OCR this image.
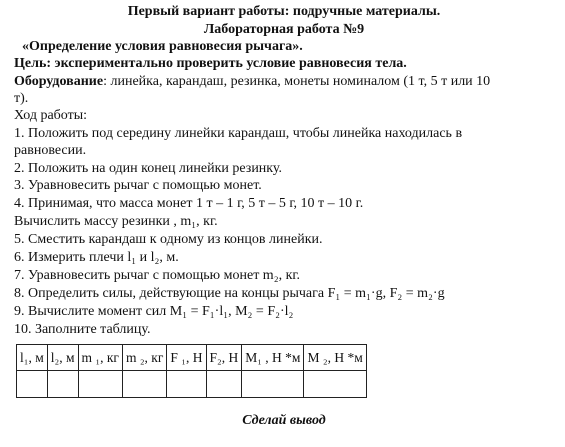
Первый вариант работы: подручные материалы.
Лабораторная работа №9
«Определение условия равновесия рычага».
Цель: экспериментально проверить условие равновесия тела.
Оборудование: линейка, карандаш, резинка, монеты номиналом (1 т, 5 т или 10
т).
Ход работы:
1. Положить под середину линейки карандаш, чтобы линейка находилась в
равновесии.
2. Положить на один конец линейки резинку.
3. Уравновесить рычаг с помощью монет.
4. Принимая, что масса монет 1 т – 1 г, 5 т – 5 г, 10 т – 10 г.
Вычислить массу резинки , m₁, кг.
5. Сместить карандаш к одному из концов линейки.
6. Измерить плечи l₁ и l₂, м.
7. Уравновесить рычаг с помощью монет m₂, кг.
8. Определить силы, действующие на концы рычага F₁ = m₁·g, F₂ = m₂·g
9. Вычислите момент сил M₁ = F₁·l₁, M₂ = F₂·l₂
10. Заполните таблицу.
l₁, м	l₂, м	m ₁, кг	m ₂, кг	F ₁, Н	F₂, Н	M₁ , Н *м	M ₂, Н *м

Сделай вывод
